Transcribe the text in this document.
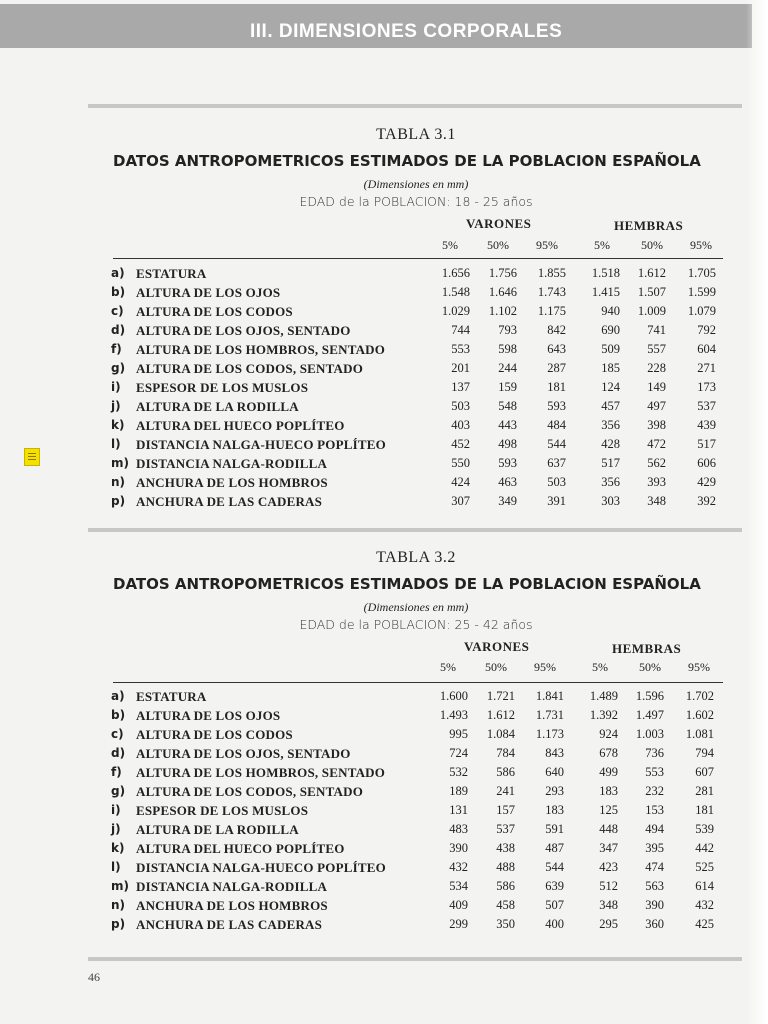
III. DIMENSIONES CORPORALES
TABLA 3.1
DATOS ANTROPOMETRICOS ESTIMADOS DE LA POBLACION ESPAÑOLA
(Dimensiones en mm)
EDAD de la POBLACION: 18 - 25 años
VARONES	HEMBRAS
5%	50%	95%	5%	50%	95%
a) ESTATURA	1.656	1.756	1.855	1.518	1.612	1.705
b) ALTURA DE LOS OJOS	1.548	1.646	1.743	1.415	1.507	1.599
c) ALTURA DE LOS CODOS	1.029	1.102	1.175	940	1.009	1.079
d) ALTURA DE LOS OJOS, SENTADO	744	793	842	690	741	792
f) ALTURA DE LOS HOMBROS, SENTADO	553	598	643	509	557	604
g) ALTURA DE LOS CODOS, SENTADO	201	244	287	185	228	271
i) ESPESOR DE LOS MUSLOS	137	159	181	124	149	173
j) ALTURA DE LA RODILLA	503	548	593	457	497	537
k) ALTURA DEL HUECO POPLÍTEO	403	443	484	356	398	439
l) DISTANCIA NALGA-HUECO POPLÍTEO	452	498	544	428	472	517
m) DISTANCIA NALGA-RODILLA	550	593	637	517	562	606
n) ANCHURA DE LOS HOMBROS	424	463	503	356	393	429
p) ANCHURA DE LAS CADERAS	307	349	391	303	348	392
TABLA 3.2
DATOS ANTROPOMETRICOS ESTIMADOS DE LA POBLACION ESPAÑOLA
(Dimensiones en mm)
EDAD de la POBLACION: 25 - 42 años
VARONES	HEMBRAS
5%	50%	95%	5%	50%	95%
a) ESTATURA	1.600	1.721	1.841	1.489	1.596	1.702
b) ALTURA DE LOS OJOS	1.493	1.612	1.731	1.392	1.497	1.602
c) ALTURA DE LOS CODOS	995	1.084	1.173	924	1.003	1.081
d) ALTURA DE LOS OJOS, SENTADO	724	784	843	678	736	794
f) ALTURA DE LOS HOMBROS, SENTADO	532	586	640	499	553	607
g) ALTURA DE LOS CODOS, SENTADO	189	241	293	183	232	281
i) ESPESOR DE LOS MUSLOS	131	157	183	125	153	181
j) ALTURA DE LA RODILLA	483	537	591	448	494	539
k) ALTURA DEL HUECO POPLÍTEO	390	438	487	347	395	442
l) DISTANCIA NALGA-HUECO POPLÍTEO	432	488	544	423	474	525
m) DISTANCIA NALGA-RODILLA	534	586	639	512	563	614
n) ANCHURA DE LOS HOMBROS	409	458	507	348	390	432
p) ANCHURA DE LAS CADERAS	299	350	400	295	360	425
46
